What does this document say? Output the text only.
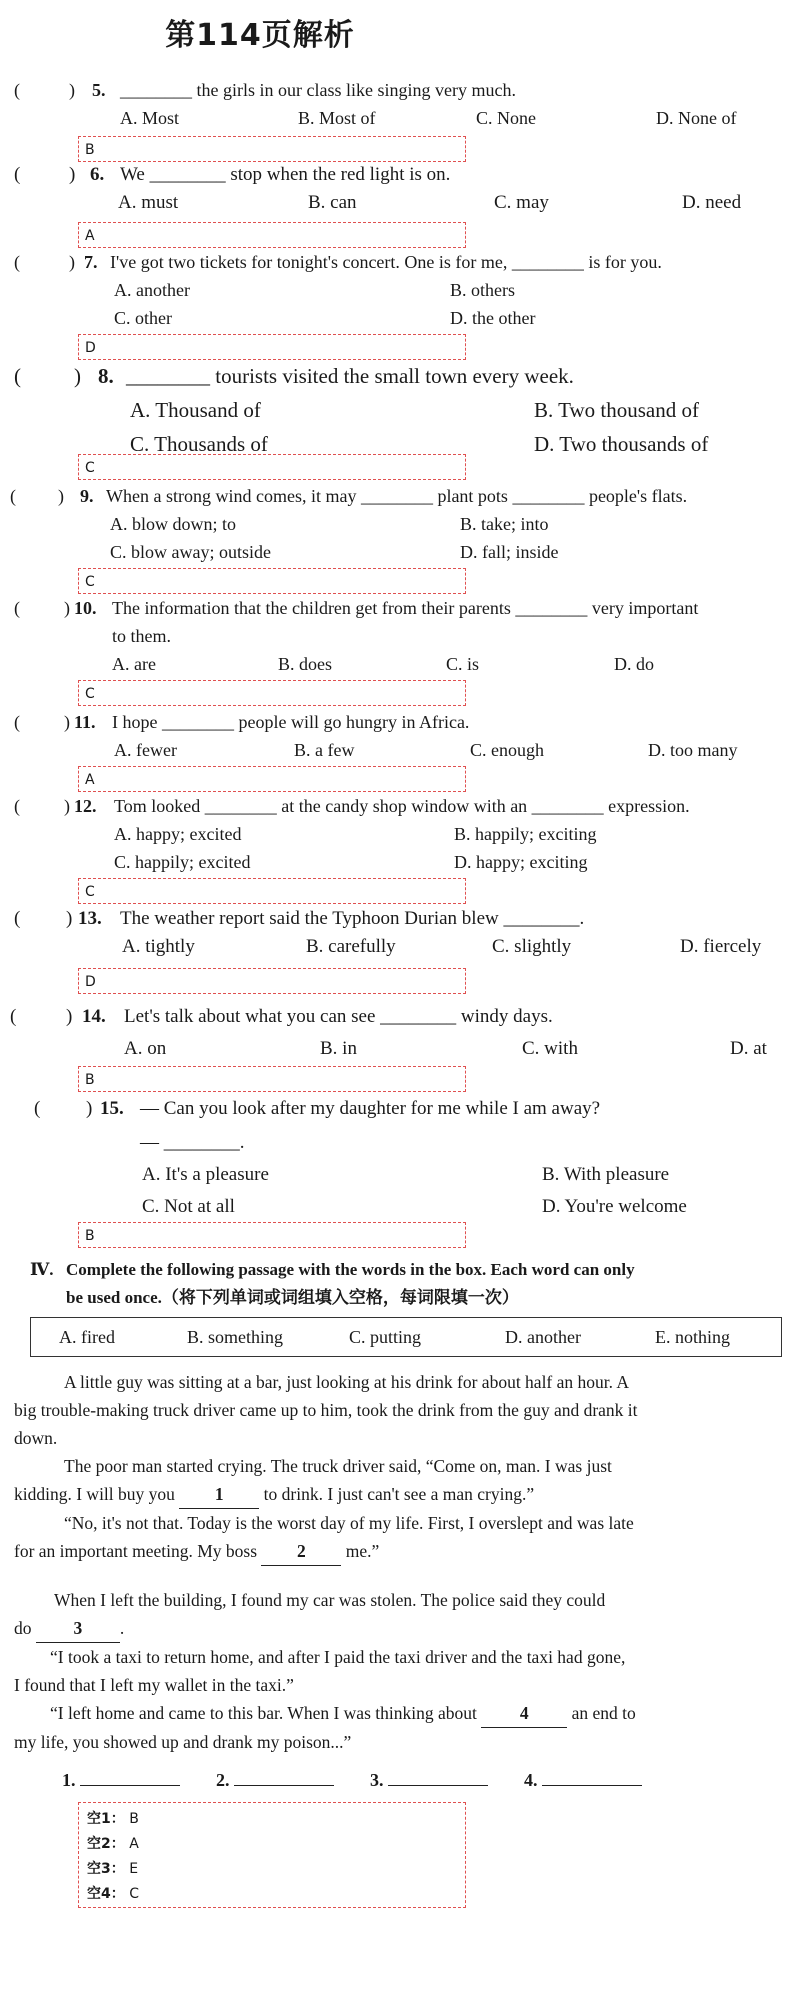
第114页解析
(	) 5. ________ the girls in our class like singing very much.
A. Most	B. Most of	C. None	D. None of
B
(	) 6. We ________ stop when the red light is on.
A. must	B. can	C. may	D. need
A
(	) 7. I've got two tickets for tonight's concert. One is for me, ________ is for you.
A. another	B. others
C. other	D. the other
D
(	) 8. ________ tourists visited the small town every week.
A. Thousand of	B. Two thousand of
C. Thousands of	D. Two thousands of
C
( ) 9. When a strong wind comes, it may ________ plant pots ________ people's flats.
A. blow down; to	B. take; into
C. blow away; outside	D. fall; inside
C
( ) 10. The information that the children get from their parents ________ very important
to them.
A. are	B. does	C. is	D. do
C
( ) 11. I hope ________ people will go hungry in Africa.
A. fewer	B. a few	C. enough	D. too many
A
( ) 12. Tom looked ________ at the candy shop window with an ________ expression.
A. happy; excited	B. happily; exciting
C. happily; excited	D. happy; exciting
C
( ) 13. The weather report said the Typhoon Durian blew ________.
A. tightly	B. carefully	C. slightly	D. fiercely
D
(	) 14. Let's talk about what you can see ________ windy days.
A. on	B. in	C. with	D. at
B
( ) 15. — Can you look after my daughter for me while I am away?
— ________.
A. It's a pleasure	B. With pleasure
C. Not at all	D. You're welcome
B
Ⅳ. Complete the following passage with the words in the box. Each word can only
be used once.（将下列单词或词组填入空格，每词限填一次）
A. fired	B. something	C. putting	D. another	E. nothing
A little guy was sitting at a bar, just looking at his drink for about half an hour. A
big trouble-making truck driver came up to him, took the drink from the guy and drank it
down.
The poor man started crying. The truck driver said, “Come on, man. I was just
kidding. I will buy you 1 to drink. I just can't see a man crying.”
“No, it's not that. Today is the worst day of my life. First, I overslept and was late
for an important meeting. My boss 2 me.”
When I left the building, I found my car was stolen. The police said they could
do 3 .
“I took a taxi to return home, and after I paid the taxi driver and the taxi had gone,
I found that I left my wallet in the taxi.”
“I left home and came to this bar. When I was thinking about 4 an end to
my life, you showed up and drank my poison...”
1.	2.	3.	4.
空1： B
空2： A
空3： E
空4： C
